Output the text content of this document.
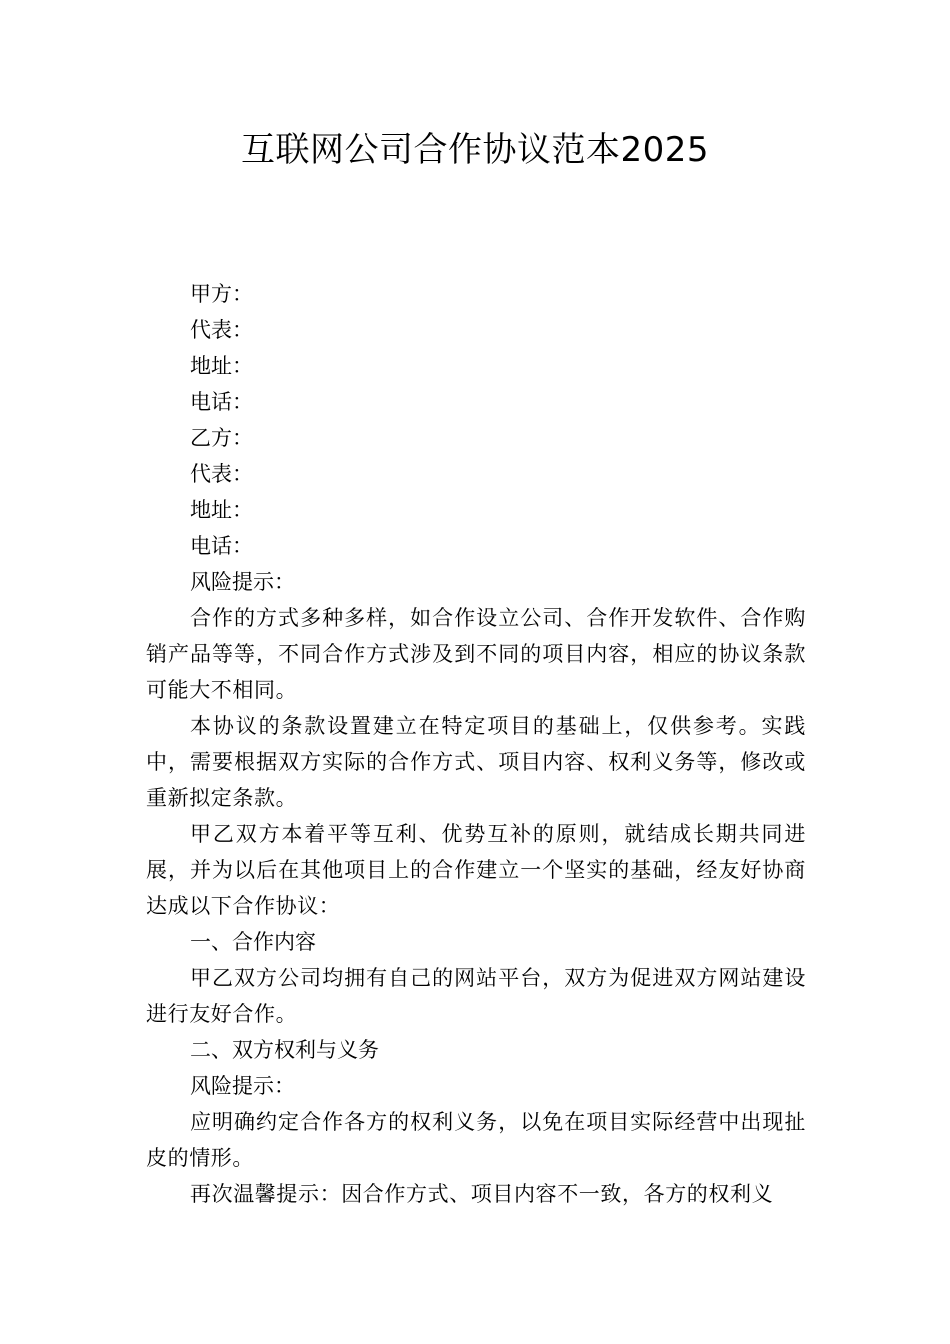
互联网公司合作协议范本2025

甲方：

代表：

地址：

电话：

乙方：

代表：

地址：

电话：

风险提示：

合作的方式多种多样，如合作设立公司、合作开发软件、合作购销产品等等，不同合作方式涉及到不同的项目内容，相应的协议条款可能大不相同。

本协议的条款设置建立在特定项目的基础上，仅供参考。实践中，需要根据双方实际的合作方式、项目内容、权利义务等，修改或重新拟定条款。

甲乙双方本着平等互利、优势互补的原则，就结成长期共同进展，并为以后在其他项目上的合作建立一个坚实的基础，经友好协商达成以下合作协议：

一、合作内容

甲乙双方公司均拥有自己的网站平台，双方为促进双方网站建设进行友好合作。

二、双方权利与义务

风险提示：

应明确约定合作各方的权利义务，以免在项目实际经营中出现扯皮的情形。

再次温馨提示：因合作方式、项目内容不一致，各方的权利义
